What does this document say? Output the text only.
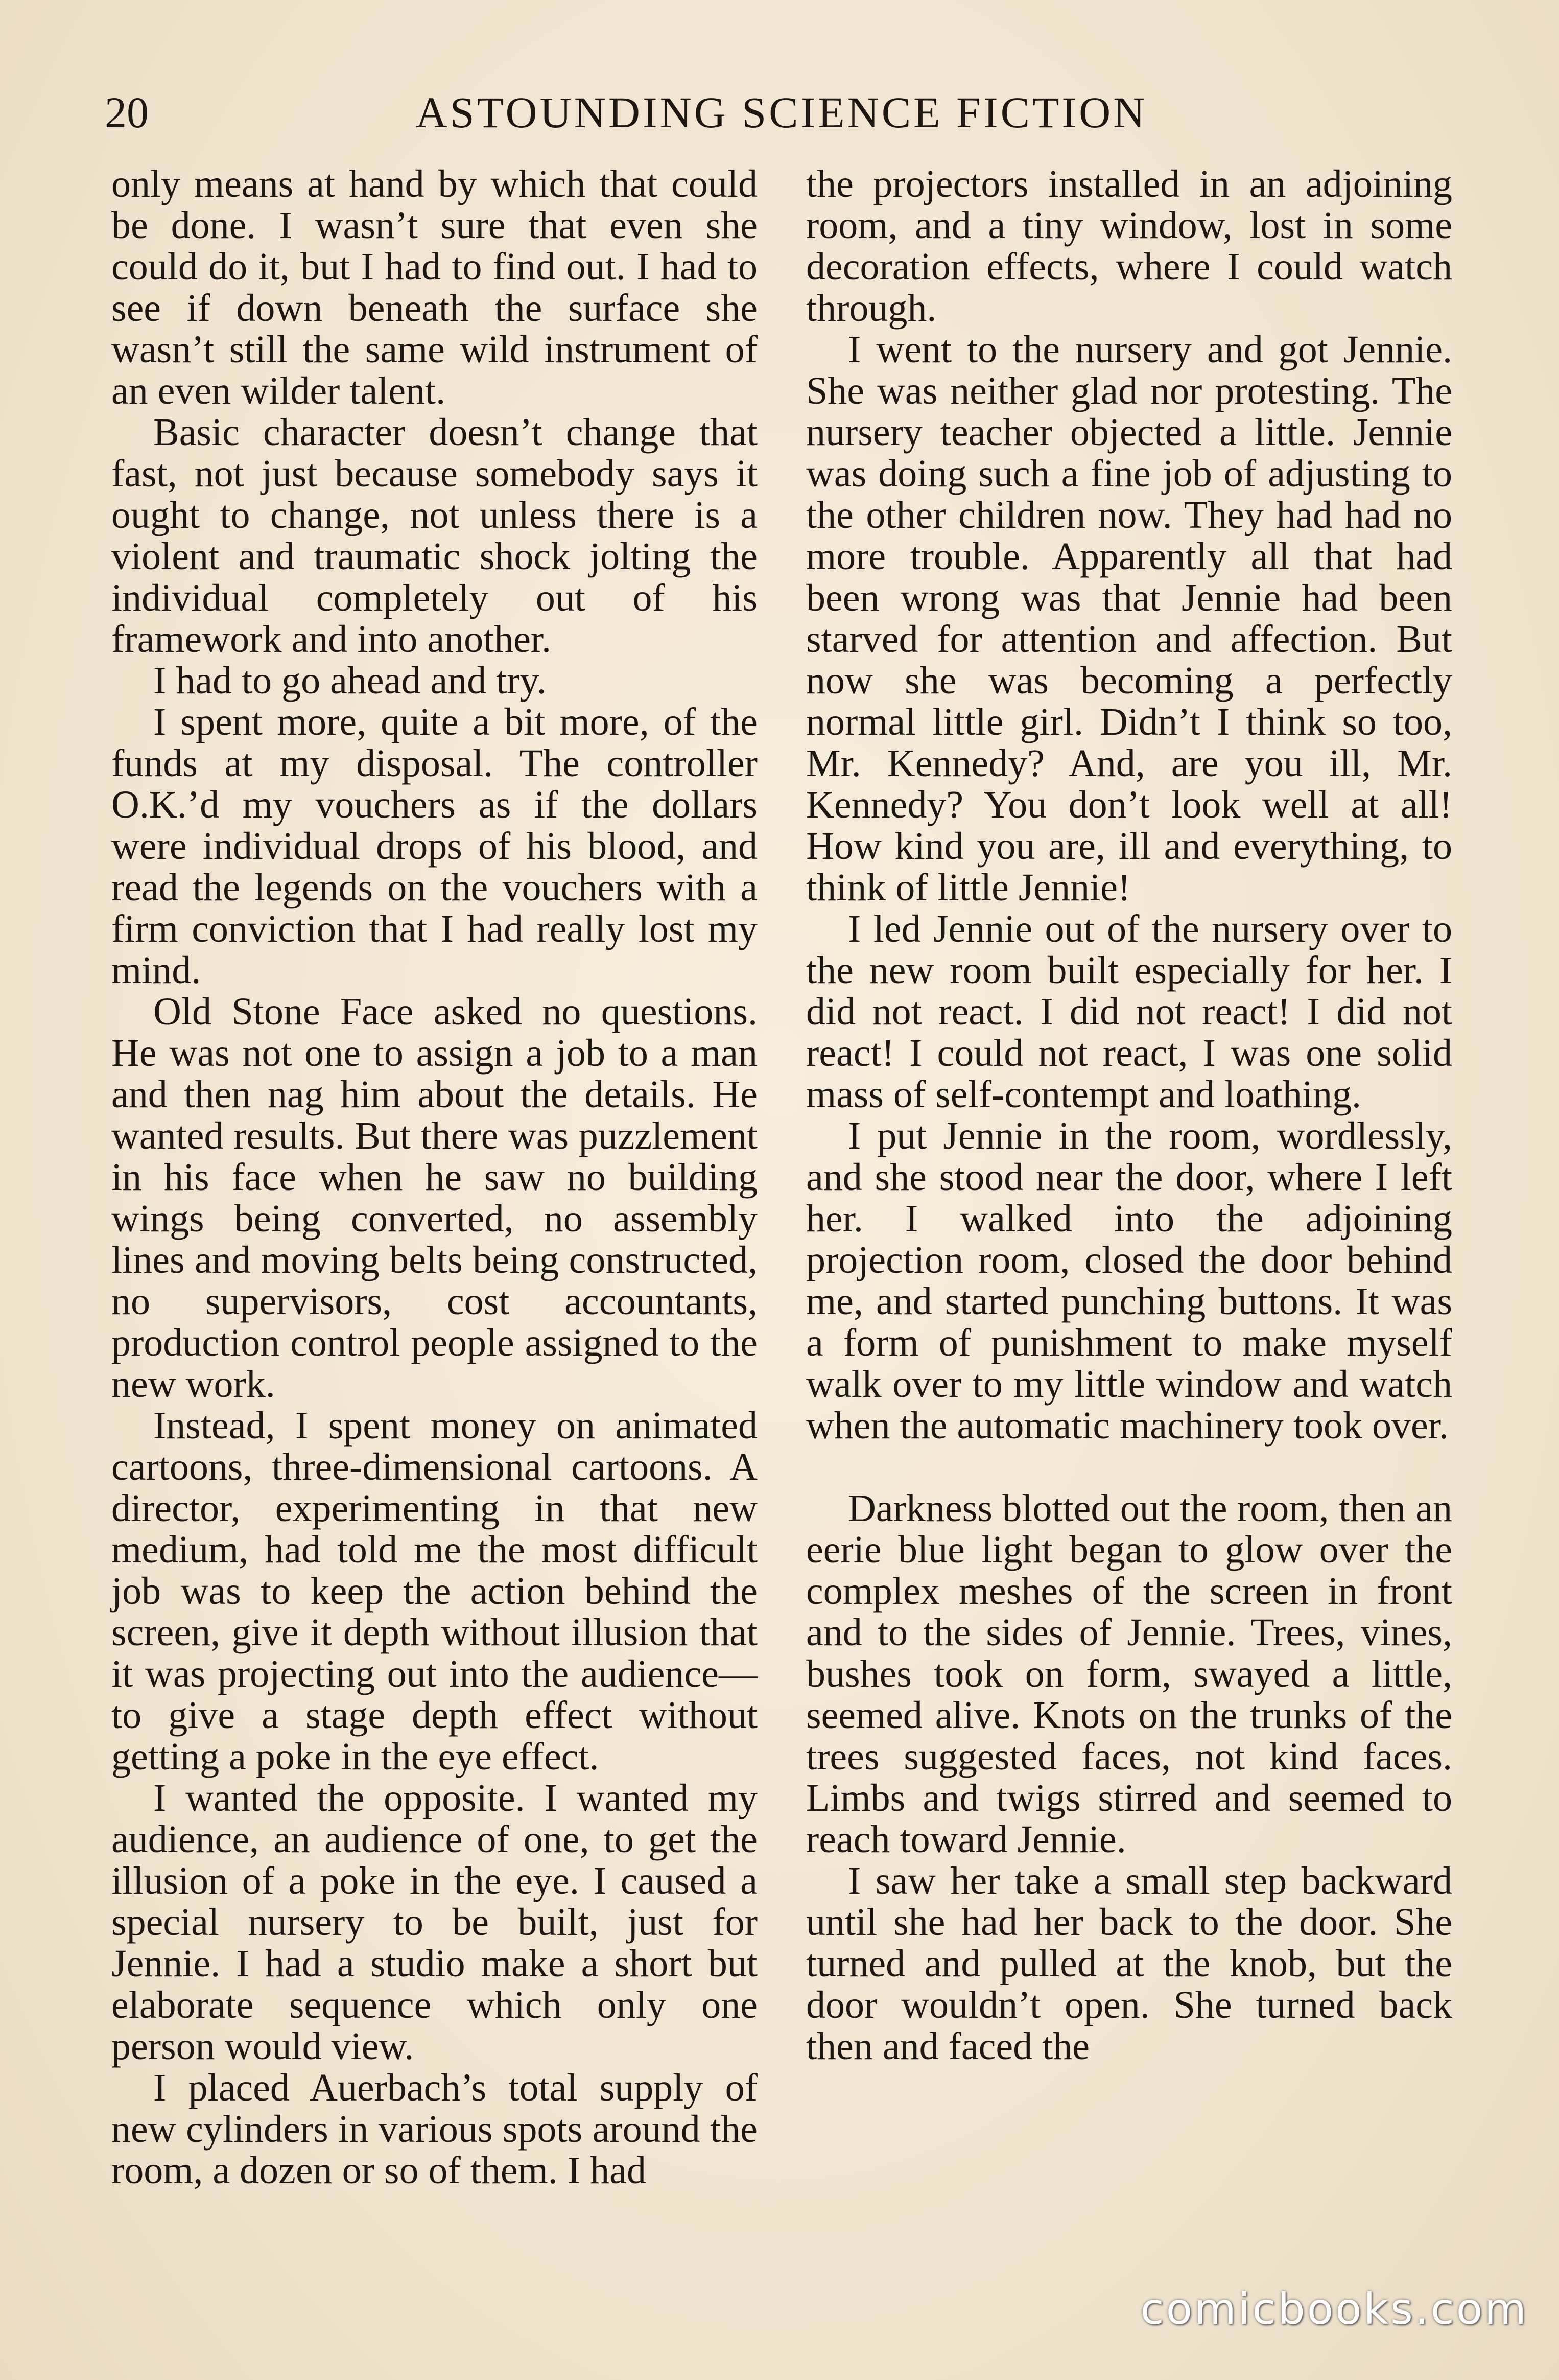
20	ASTOUNDING SCIENCE FICTION

only means at hand by which that could be done. I wasn’t sure that even she could do it, but I had to find out. I had to see if down beneath the surface she wasn’t still the same wild instrument of an even wilder talent.

Basic character doesn’t change that fast, not just because somebody says it ought to change, not unless there is a violent and traumatic shock jolting the individual completely out of his framework and into another.

I had to go ahead and try.

I spent more, quite a bit more, of the funds at my disposal. The controller O.K.’d my vouchers as if the dollars were individual drops of his blood, and read the legends on the vouchers with a firm conviction that I had really lost my mind.

Old Stone Face asked no questions. He was not one to assign a job to a man and then nag him about the details. He wanted results. But there was puzzlement in his face when he saw no building wings being converted, no assembly lines and moving belts being constructed, no supervisors, cost accountants, production control people assigned to the new work.

Instead, I spent money on animated cartoons, three-dimensional cartoons. A director, experimenting in that new medium, had told me the most difficult job was to keep the action behind the screen, give it depth without illusion that it was projecting out into the audience—to give a stage depth effect without getting a poke in the eye effect.

I wanted the opposite. I wanted my audience, an audience of one, to get the illusion of a poke in the eye. I caused a special nursery to be built, just for Jennie. I had a studio make a short but elaborate sequence which only one person would view.

I placed Auerbach’s total supply of new cylinders in various spots around the room, a dozen or so of them. I had

the projectors installed in an adjoining room, and a tiny window, lost in some decoration effects, where I could watch through.

I went to the nursery and got Jennie. She was neither glad nor protesting. The nursery teacher objected a little. Jennie was doing such a fine job of adjusting to the other children now. They had had no more trouble. Apparently all that had been wrong was that Jennie had been starved for attention and affection. But now she was becoming a perfectly normal little girl. Didn’t I think so too, Mr. Kennedy? And, are you ill, Mr. Kennedy? You don’t look well at all! How kind you are, ill and everything, to think of little Jennie!

I led Jennie out of the nursery over to the new room built especially for her. I did not react. I did not react! I did not react! I could not react, I was one solid mass of self-contempt and loathing.

I put Jennie in the room, wordlessly, and she stood near the door, where I left her. I walked into the adjoining projection room, closed the door behind me, and started punching buttons. It was a form of punishment to make myself walk over to my little window and watch when the automatic machinery took over.

Darkness blotted out the room, then an eerie blue light began to glow over the complex meshes of the screen in front and to the sides of Jennie. Trees, vines, bushes took on form, swayed a little, seemed alive. Knots on the trunks of the trees suggested faces, not kind faces. Limbs and twigs stirred and seemed to reach toward Jennie.

I saw her take a small step backward until she had her back to the door. She turned and pulled at the knob, but the door wouldn’t open. She turned back then and faced the

comicbooks.com
